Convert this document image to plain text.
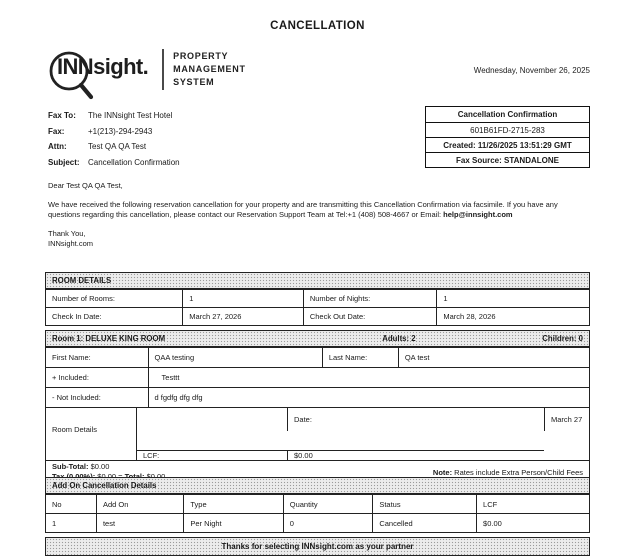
CANCELLATION
INNsight.	PROPERTY
MANAGEMENT
SYSTEM
Wednesday, November 26, 2025
Fax To:	The INNsight Test Hotel
Fax:	+1(213)-294-2943
Attn:	Test QA QA Test
Subject:	Cancellation Confirmation
Cancellation Confirmation
601B61FD-2715-283
Created: 11/26/2025 13:51:29 GMT
Fax Source: STANDALONE
Dear Test QA QA Test,
We have received the following reservation cancellation for your property and are transmitting this Cancellation Confirmation via facsimile. If you have any questions regarding this cancellation, please contact our Reservation Support Team at Tel:+1 (408) 508-4667 or Email: help@innsight.com
Thank You,
INNsight.com
ROOM DETAILS
Number of Rooms:	1	Number of Nights:	1
Check In Date:	March 27, 2026	Check Out Date:	March 28, 2026
Room 1: DELUXE KING ROOM	Adults: 2	Children: 0
First Name:	QAA testing	Last Name:	QA test
+ Included:	Testtt
- Not Included:	d fgdfg dfg dfg
Room Details
Date:	March 27
LCF:	$0.00
Sub-Total: $0.00
Note: Rates include Extra Person/Child Fees
Add On Cancellation Details
No	Add On	Type	Quantity	Status	LCF
1	test	Per Night	0	Cancelled	$0.00
Thanks for selecting INNsight.com as your partner
